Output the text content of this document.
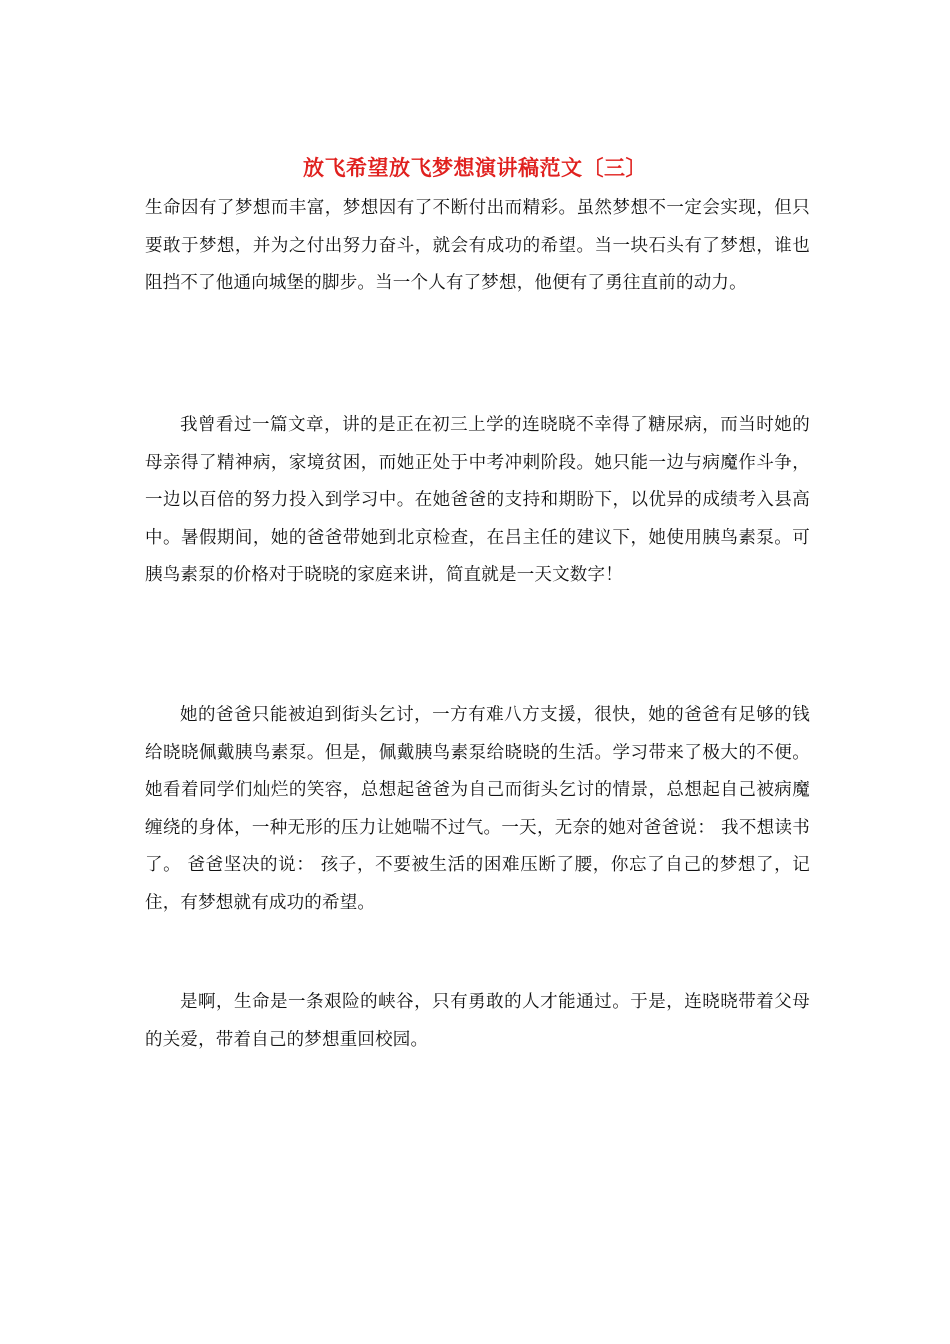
放飞希望放飞梦想演讲稿范文〔三〕

生命因有了梦想而丰富，梦想因有了不断付出而精彩。虽然梦想不一定会实现，但只要敢于梦想，并为之付出努力奋斗，就会有成功的希望。当一块石头有了梦想，谁也阻挡不了他通向城堡的脚步。当一个人有了梦想，他便有了勇往直前的动力。

我曾看过一篇文章，讲的是正在初三上学的连晓晓不幸得了糖尿病，而当时她的母亲得了精神病，家境贫困，而她正处于中考冲刺阶段。她只能一边与病魔作斗争，一边以百倍的努力投入到学习中。在她爸爸的支持和期盼下，以优异的成绩考入县高中。暑假期间，她的爸爸带她到北京检查，在吕主任的建议下，她使用胰鸟素泵。可胰鸟素泵的价格对于晓晓的家庭来讲，简直就是一天文数字！

她的爸爸只能被迫到街头乞讨，一方有难八方支援，很快，她的爸爸有足够的钱给晓晓佩戴胰鸟素泵。但是，佩戴胰鸟素泵给晓晓的生活。学习带来了极大的不便。她看着同学们灿烂的笑容，总想起爸爸为自己而街头乞讨的情景，总想起自己被病魔缠绕的身体，一种无形的压力让她喘不过气。一天，无奈的她对爸爸说： 我不想读书了。 爸爸坚决的说： 孩子，不要被生活的困难压断了腰，你忘了自己的梦想了，记住，有梦想就有成功的希望。

是啊，生命是一条艰险的峡谷，只有勇敢的人才能通过。于是，连晓晓带着父母的关爱，带着自己的梦想重回校园。
